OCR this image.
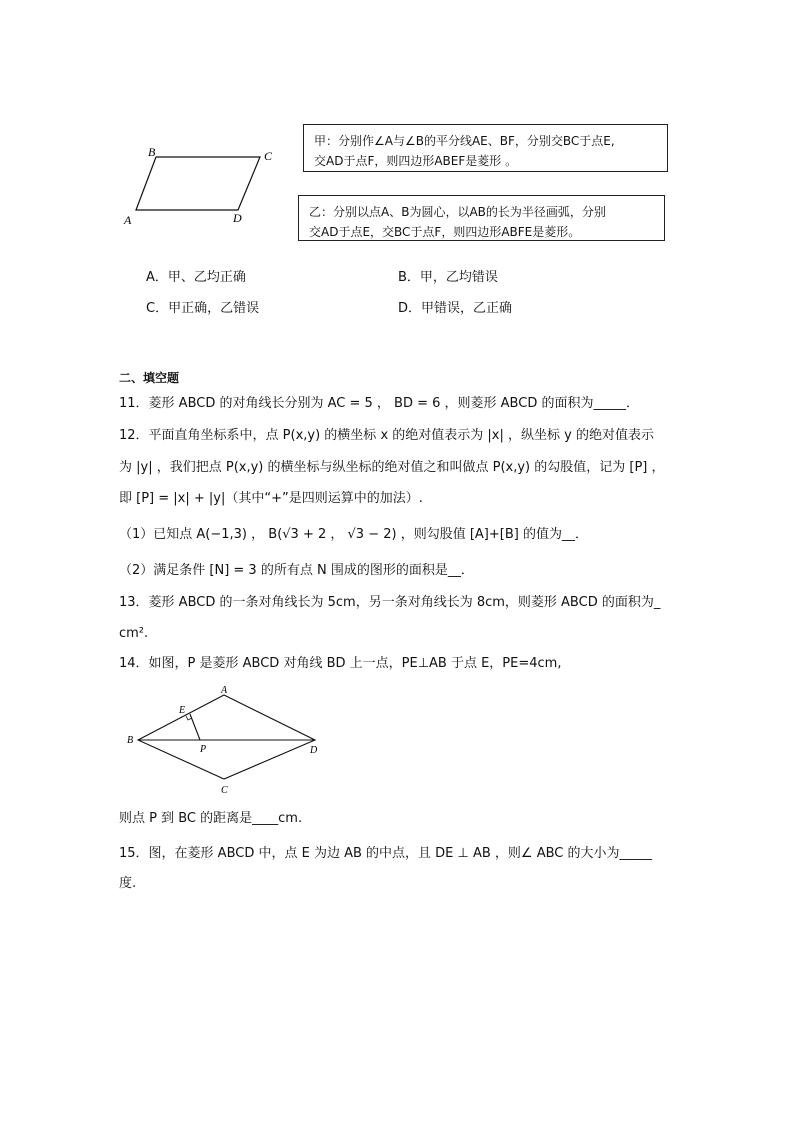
B	C
A	D
甲：分别作∠A与∠B的平分线AE、BF，分别交BC于点E,
交AD于点F，则四边形ABEF是菱形 。
乙：分别以点A、B为圆心，以AB的长为半径画弧，分别
交AD于点E，交BC于点F，则四边形ABFE是菱形。
A．甲、乙均正确	B．甲，乙均错误
C．甲正确，乙错误	D．甲错误，乙正确
二、填空题
11．菱形 ABCD 的对角线长分别为 AC = 5 ， BD = 6 ，则菱形 ABCD 的面积为_____．
12．平面直角坐标系中，点 P(x,y) 的横坐标 x 的绝对值表示为 |x| ，纵坐标 y 的绝对值表示
为 |y| ，我们把点 P(x,y) 的横坐标与纵坐标的绝对值之和叫做点 P(x,y) 的勾股值，记为 [P] ，
即 [P] = |x| + |y|（其中“+”是四则运算中的加法）.
（1）已知点 A(−1,3) ， B(√3 + 2 ， √3 − 2) ，则勾股值 [A]+[B] 的值为__．
（2）满足条件 [N] = 3 的所有点 N 围成的图形的面积是__．
13．菱形 ABCD 的一条对角线长为 5cm，另一条对角线长为 8cm，则菱形 ABCD 的面积为_
cm².
14．如图，P 是菱形 ABCD 对角线 BD 上一点，PE⊥AB 于点 E，PE=4cm,
A
B
D
C
E
P
则点 P 到 BC 的距离是____cm.
15．图，在菱形 ABCD 中，点 E 为边 AB 的中点，且 DE ⊥ AB ，则∠ ABC 的大小为_____
度.
